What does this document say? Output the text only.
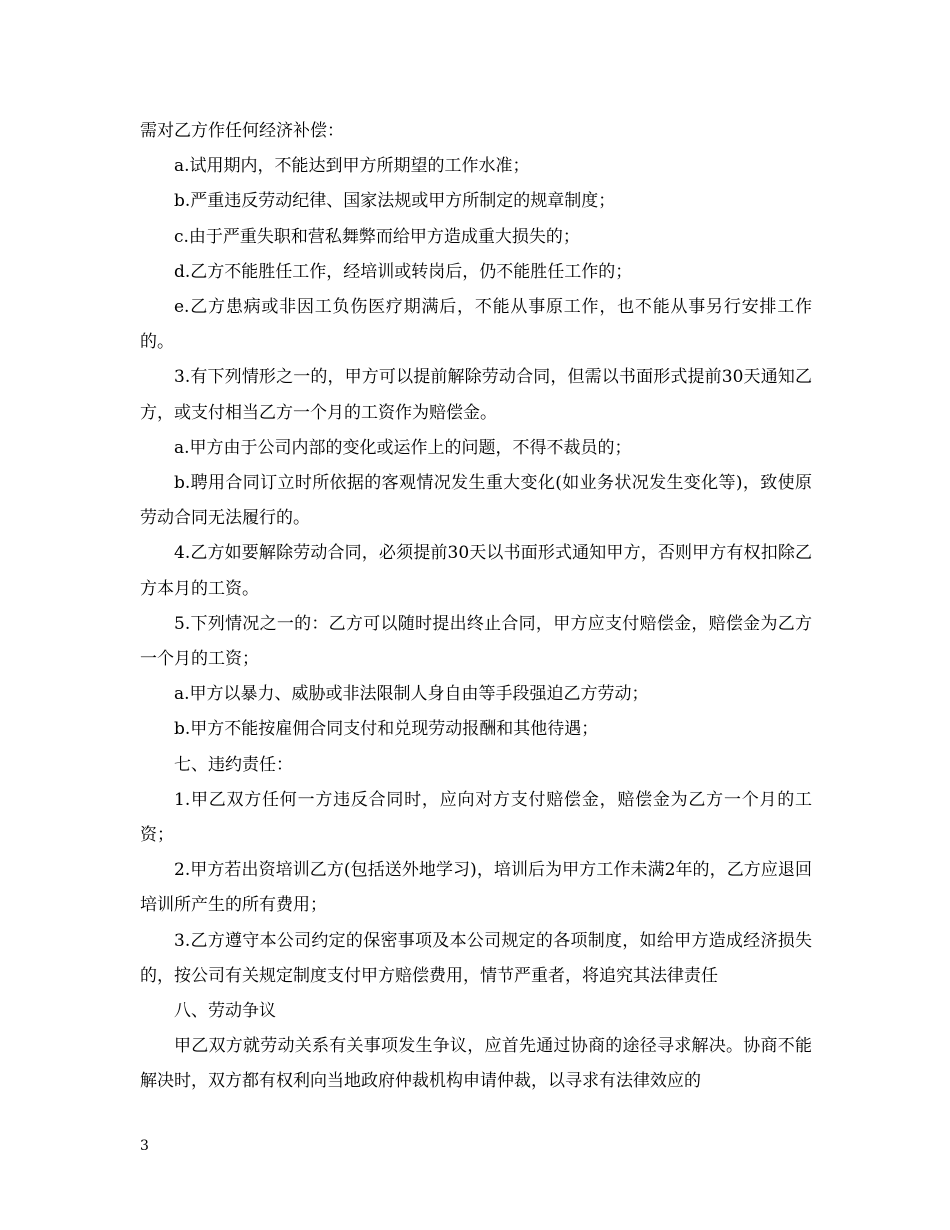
需对乙方作任何经济补偿：

a.试用期内，不能达到甲方所期望的工作水准；

b.严重违反劳动纪律、国家法规或甲方所制定的规章制度；

c.由于严重失职和营私舞弊而给甲方造成重大损失的；

d.乙方不能胜任工作，经培训或转岗后，仍不能胜任工作的；

e.乙方患病或非因工负伤医疗期满后，不能从事原工作，也不能从事另行安排工作的。

3.有下列情形之一的，甲方可以提前解除劳动合同，但需以书面形式提前30天通知乙方，或支付相当乙方一个月的工资作为赔偿金。

a.甲方由于公司内部的变化或运作上的问题，不得不裁员的；

b.聘用合同订立时所依据的客观情况发生重大变化(如业务状况发生变化等)，致使原劳动合同无法履行的。

4.乙方如要解除劳动合同，必须提前30天以书面形式通知甲方，否则甲方有权扣除乙方本月的工资。

5.下列情况之一的：乙方可以随时提出终止合同，甲方应支付赔偿金，赔偿金为乙方一个月的工资；

a.甲方以暴力、威胁或非法限制人身自由等手段强迫乙方劳动；

b.甲方不能按雇佣合同支付和兑现劳动报酬和其他待遇；

七、违约责任：

1.甲乙双方任何一方违反合同时，应向对方支付赔偿金，赔偿金为乙方一个月的工资；

2.甲方若出资培训乙方(包括送外地学习)，培训后为甲方工作未满2年的，乙方应退回培训所产生的所有费用；

3.乙方遵守本公司约定的保密事项及本公司规定的各项制度，如给甲方造成经济损失的，按公司有关规定制度支付甲方赔偿费用，情节严重者，将追究其法律责任

八、劳动争议

甲乙双方就劳动关系有关事项发生争议，应首先通过协商的途径寻求解决。协商不能解决时，双方都有权利向当地政府仲裁机构申请仲裁，以寻求有法律效应的

3
